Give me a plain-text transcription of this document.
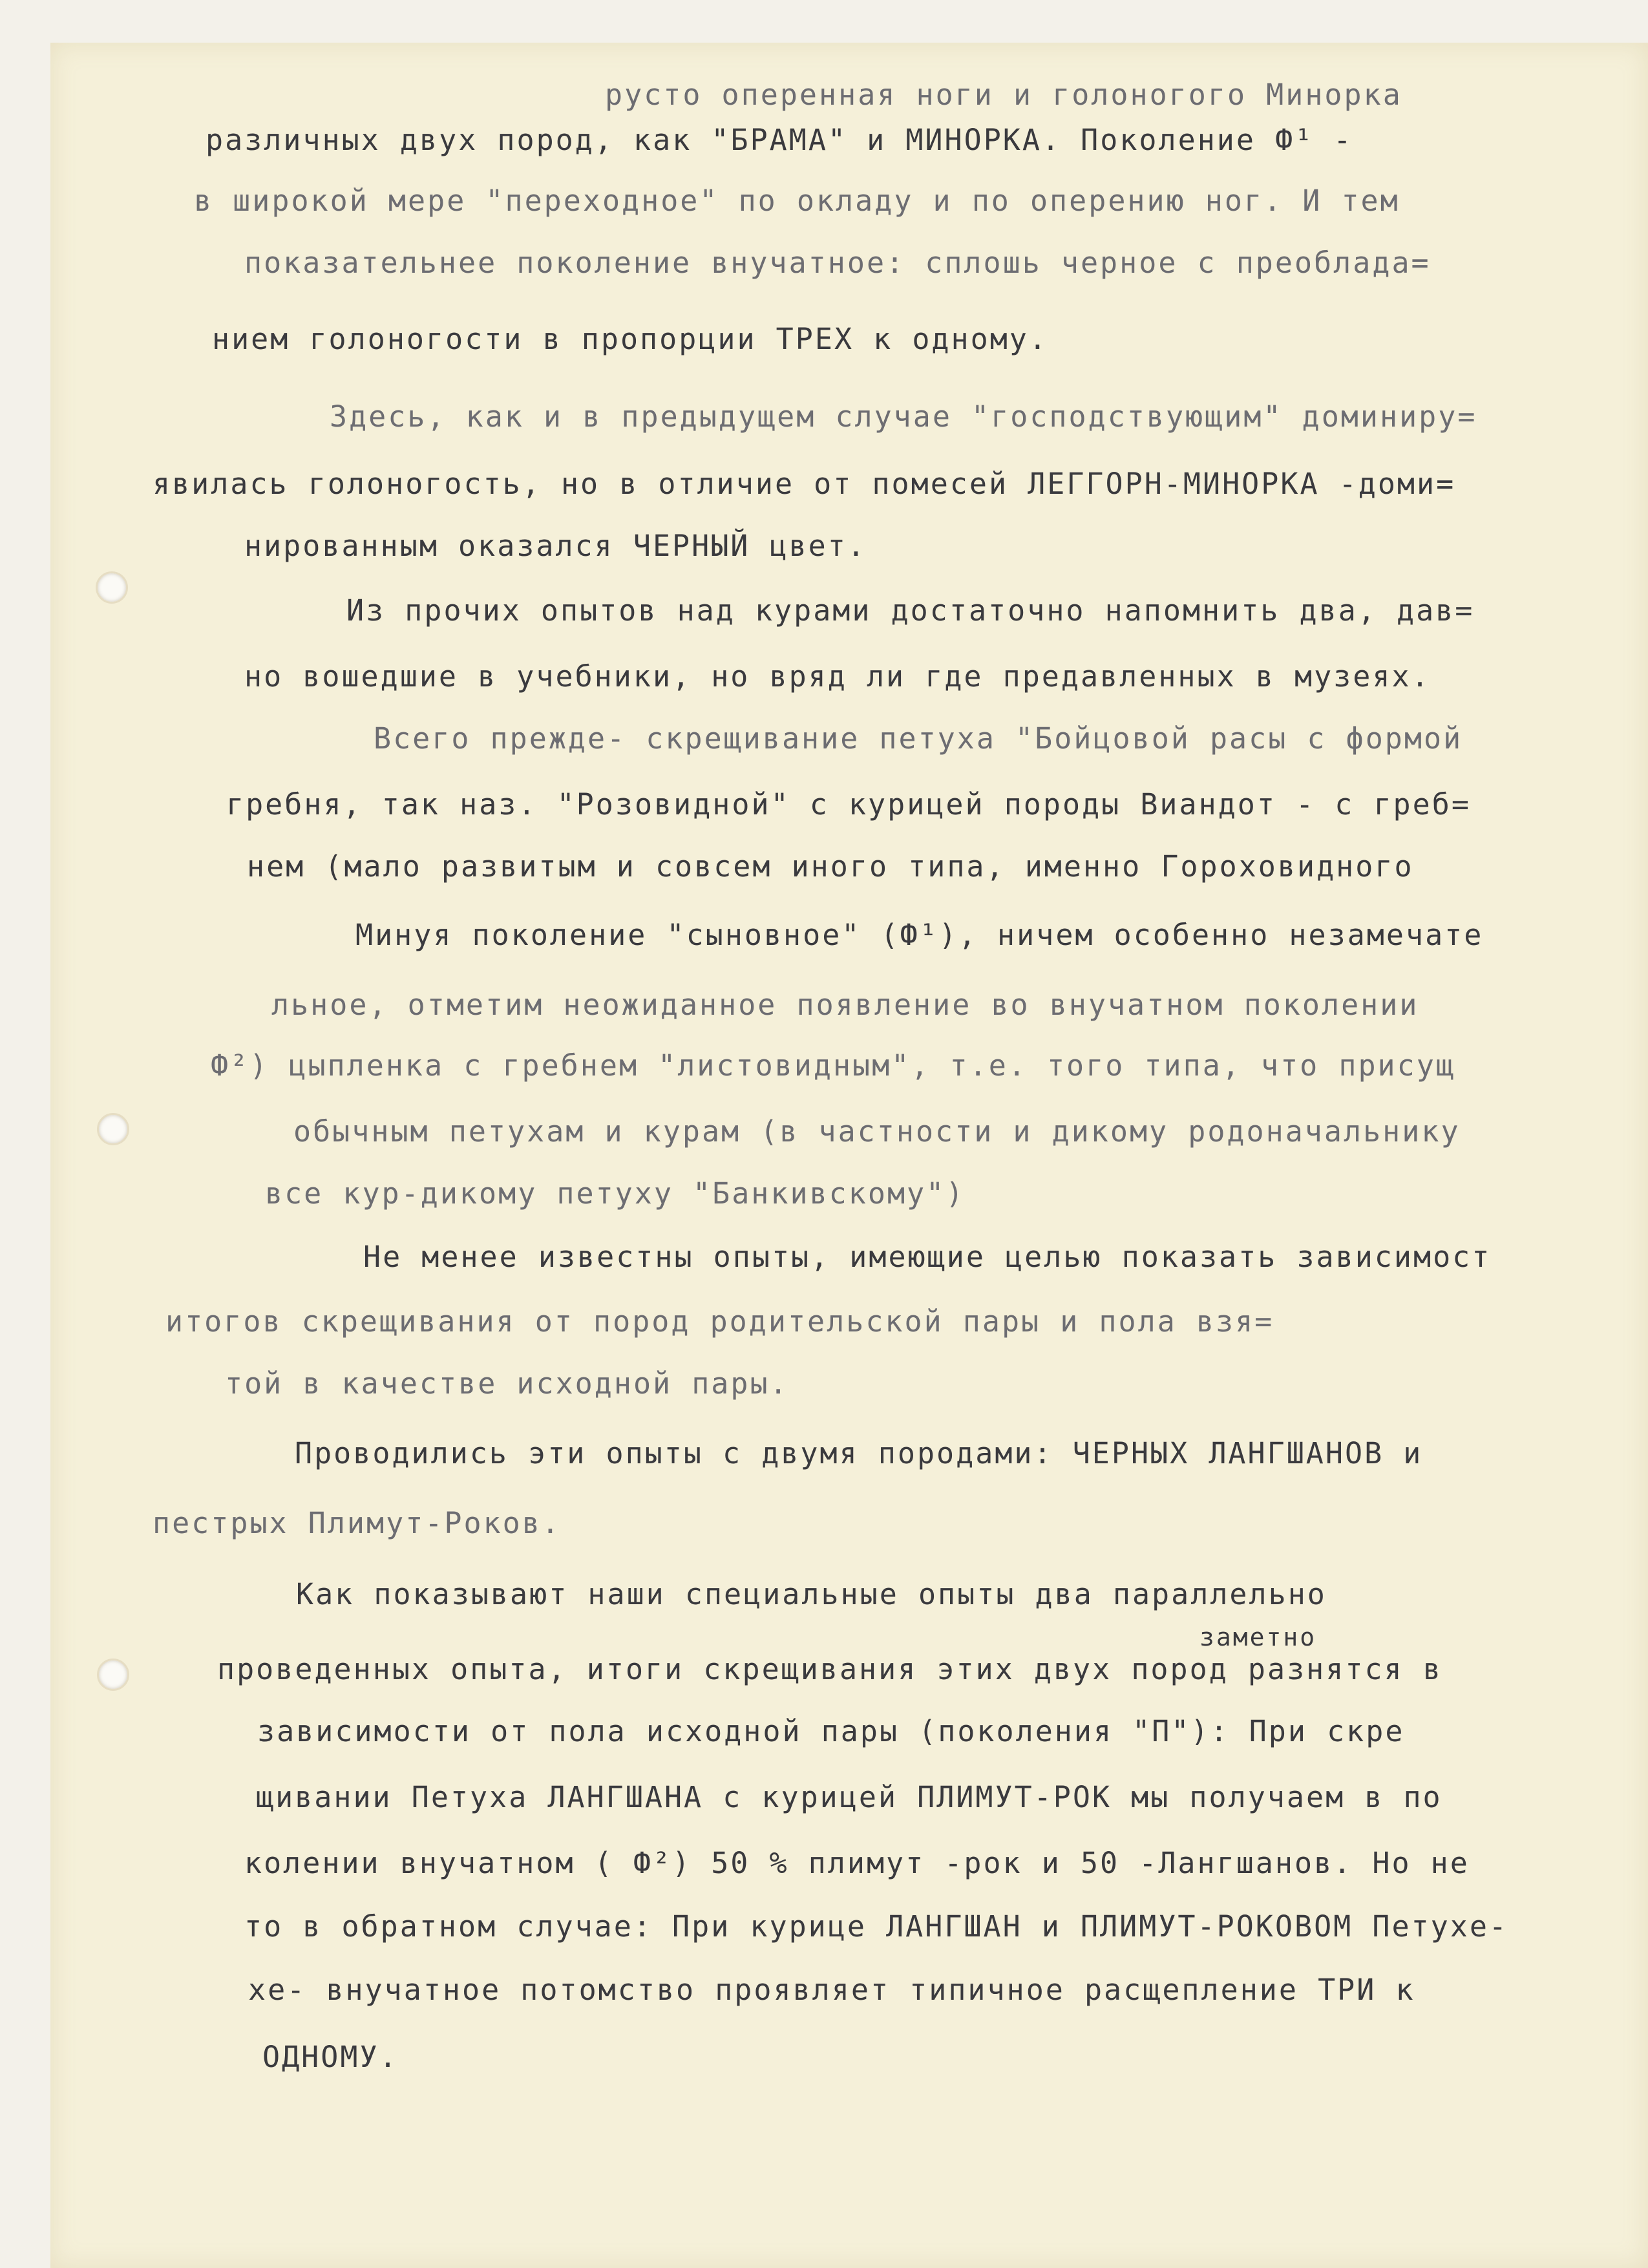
русто оперенная ноги и голоногого Минорка
различных двух пород, как "БРАМА" и МИНОРКА. Поколение Ф¹ -
в широкой мере "переходное" по окладу и по оперению ног. И тем
показательнее поколение внучатное: сплошь черное с преоблада=
нием голоногости в пропорции ТРЕХ к одному.
Здесь, как и в предыдущем случае "господствующим" доминиру=
явилась голоногость, но в отличие от помесей ЛЕГГОРН-МИНОРКА -доми=
нированным оказался ЧЕРНЫЙ цвет.
Из прочих опытов над курами достаточно напомнить два, дав=
но вошедшие в учебники, но вряд ли где предавленных в музеях.
Всего прежде- скрещивание петуха "Бойцовой расы с формой
гребня, так наз. "Розовидной" с курицей породы Виандот - с греб=
нем (мало развитым и совсем иного типа, именно Гороховидного
Минуя поколение "сыновное" (Ф¹), ничем особенно незамечате
льное, отметим неожиданное появление во внучатном поколении
Ф²) цыпленка с гребнем "листовидным", т.е. того типа, что присущ
обычным петухам и курам (в частности и дикому родоначальнику
все кур-дикому петуху "Банкивскому")
Не менее известны опыты, имеющие целью показать зависимост
итогов скрещивания от пород родительской пары и пола взя=
той в качестве исходной пары.
Проводились эти опыты с двумя породами: ЧЕРНЫХ ЛАНГШАНОВ и
пестрых Плимут-Роков.
Как показывают наши специальные опыты два параллельно
заметно
проведенных опыта, итоги скрещивания этих двух пород разнятся в
зависимости от пола исходной пары (поколения "П"): При скре
щивании Петуха ЛАНГШАНА с курицей ПЛИМУТ-РОК мы получаем в по
колении внучатном ( Ф²) 50 % плимут -рок и 50 -Лангшанов. Но не
то в обратном случае: При курице ЛАНГШАН и ПЛИМУТ-РОКОВОМ Петухе-
хе- внучатное потомство проявляет типичное расщепление ТРИ к
ОДНОМУ.
